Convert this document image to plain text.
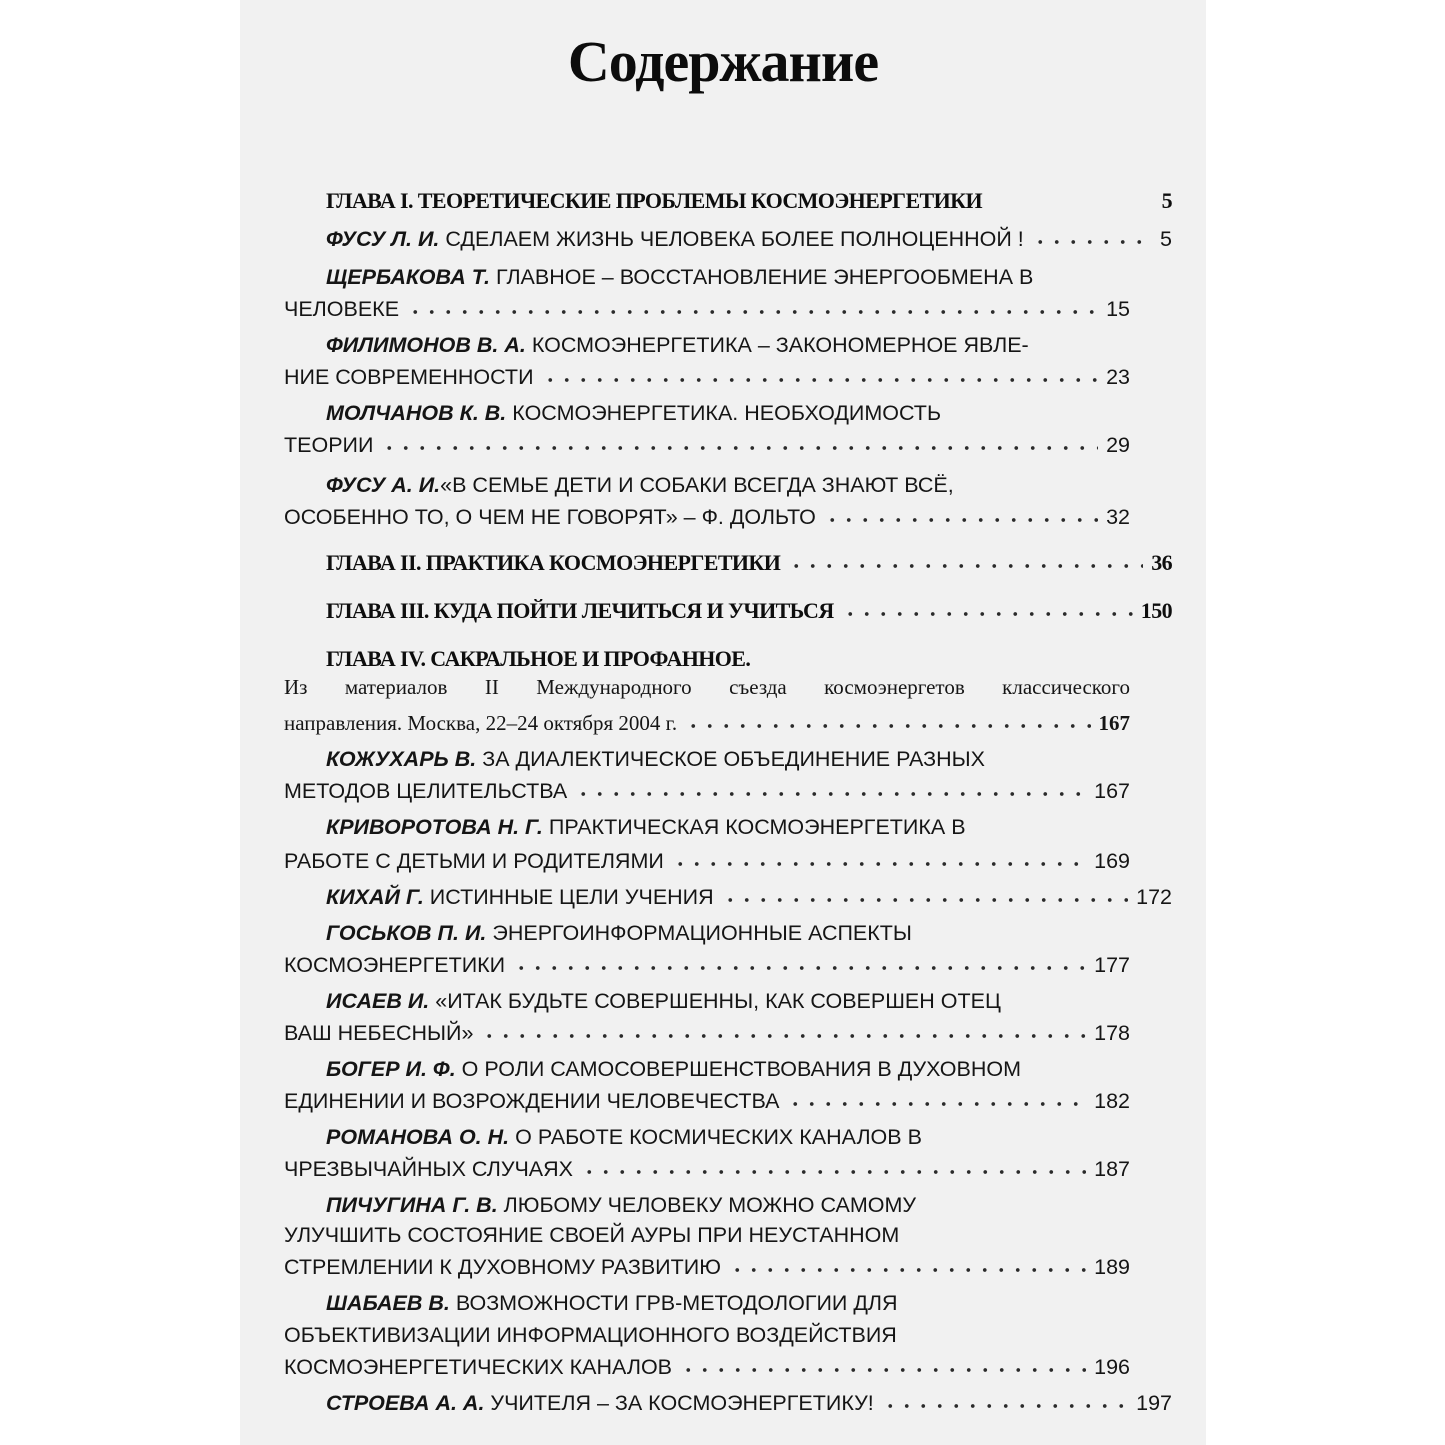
Содержание
ГЛАВА I. ТЕОРЕТИЧЕСКИЕ ПРОБЛЕМЫ КОСМОЭНЕРГЕТИКИ	5
ФУСУ Л. И.
СДЕЛАЕМ ЖИЗНЬ ЧЕЛОВЕКА БОЛЕЕ ПОЛНОЦЕННОЙ !	5
ЩЕРБАКОВА Т.
ГЛАВНОЕ – ВОССТАНОВЛЕНИЕ ЭНЕРГООБМЕНА В
ЧЕЛОВЕКЕ	15
ФИЛИМОНОВ В. А.
КОСМОЭНЕРГЕТИКА – ЗАКОНОМЕРНОЕ ЯВЛЕ-
НИЕ СОВРЕМЕННОСТИ	23
МОЛЧАНОВ К. В.
КОСМОЭНЕРГЕТИКА. НЕОБХОДИМОСТЬ
ТЕОРИИ	29
ФУСУ А. И. «В СЕМЬЕ ДЕТИ И СОБАКИ ВСЕГДА ЗНАЮТ ВСЁ,
ОСОБЕННО ТО, О ЧЕМ НЕ ГОВОРЯТ» – Ф. ДОЛЬТО	32
ГЛАВА II. ПРАКТИКА КОСМОЭНЕРГЕТИКИ	36
ГЛАВА III. КУДА ПОЙТИ ЛЕЧИТЬСЯ И УЧИТЬСЯ	150
ГЛАВА IV. САКРАЛЬНОЕ И ПРОФАННОЕ.
Из материалов II Международного съезда космоэнергетов классического
направления. Москва, 22–24 октября 2004 г.	167
КОЖУХАРЬ В.
ЗА ДИАЛЕКТИЧЕСКОЕ ОБЪЕДИНЕНИЕ РАЗНЫХ
МЕТОДОВ ЦЕЛИТЕЛЬСТВА	167
КРИВОРОТОВА Н. Г.
ПРАКТИЧЕСКАЯ КОСМОЭНЕРГЕТИКА В
РАБОТЕ С ДЕТЬМИ И РОДИТЕЛЯМИ	169
КИХАЙ Г.
ИСТИННЫЕ ЦЕЛИ УЧЕНИЯ	172
ГОСЬКОВ П. И.
ЭНЕРГОИНФОРМАЦИОННЫЕ АСПЕКТЫ
КОСМОЭНЕРГЕТИКИ	177
ИСАЕВ И.
«ИТАК БУДЬТЕ СОВЕРШЕННЫ, КАК СОВЕРШЕН ОТЕЦ
ВАШ НЕБЕСНЫЙ»	178
БОГЕР И. Ф.
О РОЛИ САМОСОВЕРШЕНСТВОВАНИЯ В ДУХОВНОМ
ЕДИНЕНИИ И ВОЗРОЖДЕНИИ ЧЕЛОВЕЧЕСТВА	182
РОМАНОВА О. Н.
О РАБОТЕ КОСМИЧЕСКИХ КАНАЛОВ В
ЧРЕЗВЫЧАЙНЫХ СЛУЧАЯХ	187
ПИЧУГИНА Г. В.
ЛЮБОМУ ЧЕЛОВЕКУ МОЖНО САМОМУ
УЛУЧШИТЬ СОСТОЯНИЕ СВОЕЙ АУРЫ ПРИ НЕУСТАННОМ
СТРЕМЛЕНИИ К ДУХОВНОМУ РАЗВИТИЮ	189
ШАБАЕВ В.
ВОЗМОЖНОСТИ ГРВ-МЕТОДОЛОГИИ ДЛЯ
ОБЪЕКТИВИЗАЦИИ ИНФОРМАЦИОННОГО ВОЗДЕЙСТВИЯ
КОСМОЭНЕРГЕТИЧЕСКИХ КАНАЛОВ	196
СТРОЕВА А. А.
УЧИТЕЛЯ – ЗА КОСМОЭНЕРГЕТИКУ!	197
